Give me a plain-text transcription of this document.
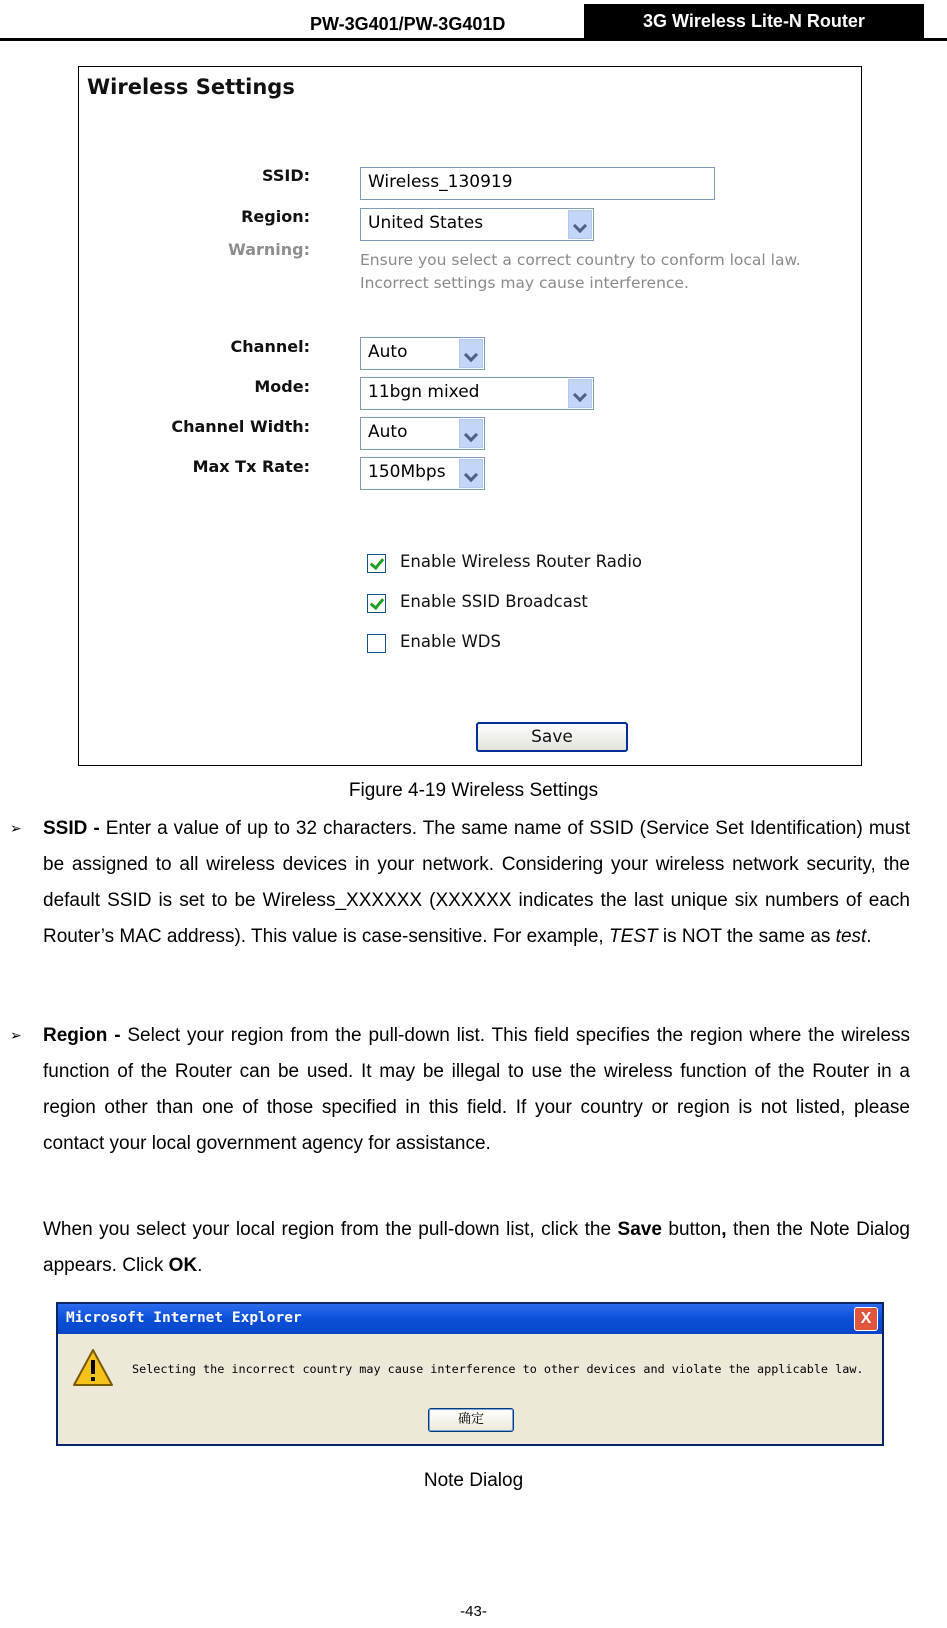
PW-3G401/PW-3G401D	3G Wireless Lite-N Router
Wireless Settings
SSID:	Wireless_130919
Region:	United States
Warning:
Ensure you select a correct country to conform local law.
Incorrect settings may cause interference.
Channel:	Auto
Mode:	11bgn mixed
Channel Width:	Auto
Max Tx Rate:	150Mbps
Enable Wireless Router Radio
Enable SSID Broadcast
Enable WDS
Save
Figure 4-19 Wireless Settings
➢ SSID - Enter a value of up to 32 characters. The same name of SSID (Service Set Identification) must be assigned to all wireless devices in your network. Considering your wireless network security, the default SSID is set to be Wireless_XXXXXX (XXXXXX indicates the last unique six numbers of each Router’s MAC address). This value is case-sensitive. For example, TEST is NOT the same as test.
➢ Region - Select your region from the pull-down list. This field specifies the region where the wireless function of the Router can be used. It may be illegal to use the wireless function of the Router in a region other than one of those specified in this field. If your country or region is not listed, please contact your local government agency for assistance.
When you select your local region from the pull-down list, click the Save button, then the Note Dialog appears. Click OK.
Microsoft Internet Explorer	X
Selecting the incorrect country may cause interference to other devices and violate the applicable law.
确定
Note Dialog
-43-
